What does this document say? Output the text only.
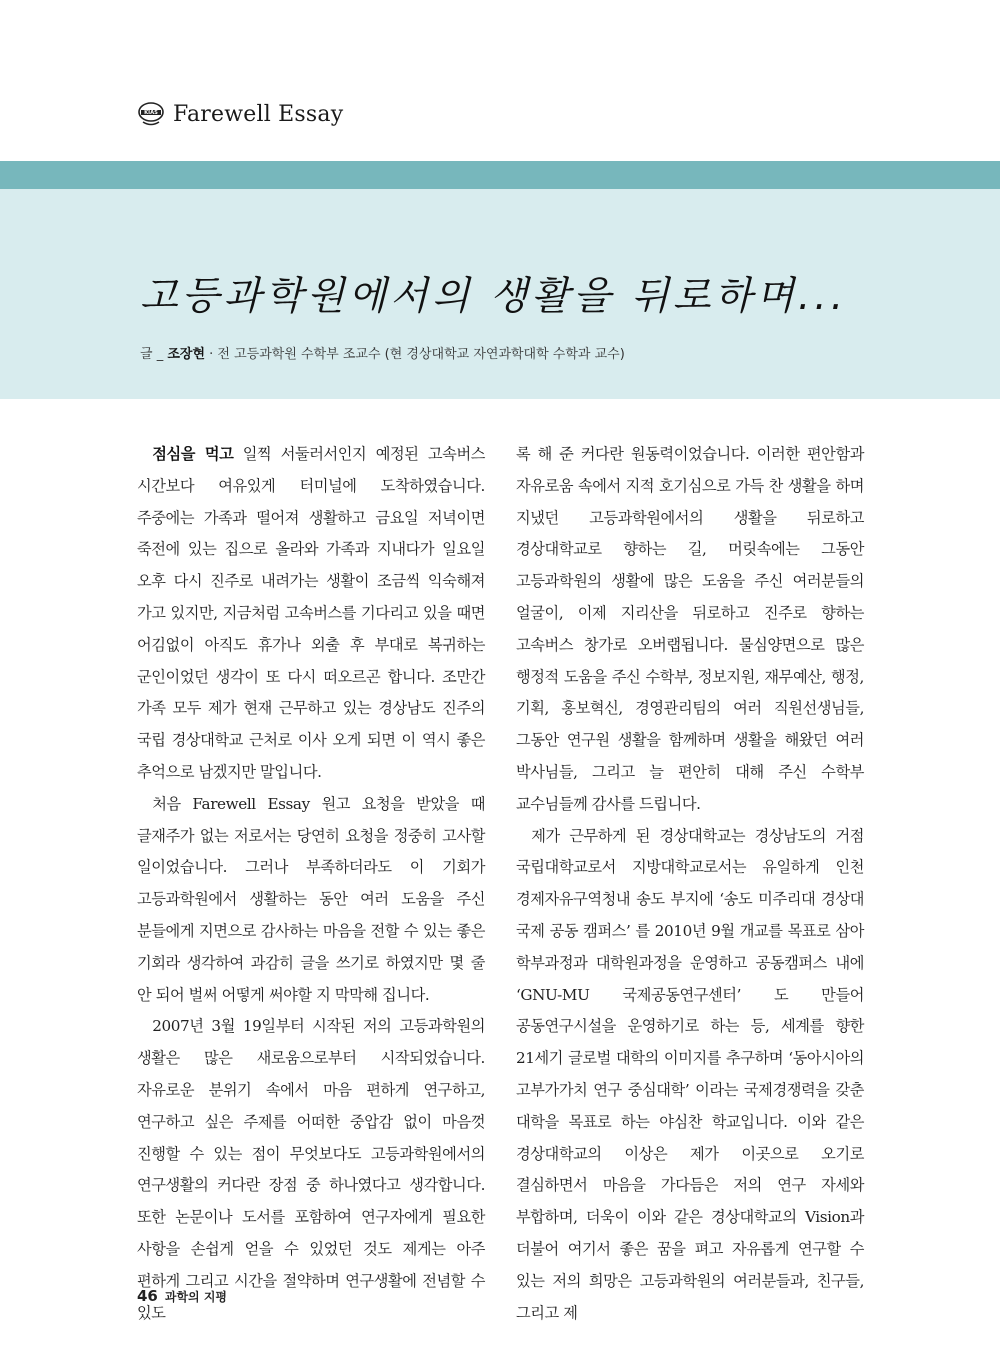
KIAS Farewell Essay
고등과학원에서의 생활을 뒤로하며...
글 _ 조장현 · 전 고등과학원 수학부 조교수 (현 경상대학교 자연과학대학 수학과 교수)

점심을 먹고 일찍 서둘러서인지 예정된 고속버스 시간보다 여유있게 터미널에 도착하였습니다. 주중에는 가족과 떨어져 생활하고 금요일 저녁이면 죽전에 있는 집으로 올라와 가족과 지내다가 일요일 오후 다시 진주로 내려가는 생활이 조금씩 익숙해져 가고 있지만, 지금처럼 고속버스를 기다리고 있을 때면 어김없이 아직도 휴가나 외출 후 부대로 복귀하는 군인이었던 생각이 또 다시 떠오르곤 합니다. 조만간 가족 모두 제가 현재 근무하고 있는 경상남도 진주의 국립 경상대학교 근처로 이사 오게 되면 이 역시 좋은 추억으로 남겠지만 말입니다.

처음 Farewell Essay 원고 요청을 받았을 때 글재주가 없는 저로서는 당연히 요청을 정중히 고사할 일이었습니다. 그러나 부족하더라도 이 기회가 고등과학원에서 생활하는 동안 여러 도움을 주신 분들에게 지면으로 감사하는 마음을 전할 수 있는 좋은 기회라 생각하여 과감히 글을 쓰기로 하였지만 몇 줄 안 되어 벌써 어떻게 써야할 지 막막해 집니다.

2007년 3월 19일부터 시작된 저의 고등과학원의 생활은 많은 새로움으로부터 시작되었습니다. 자유로운 분위기 속에서 마음 편하게 연구하고, 연구하고 싶은 주제를 어떠한 중압감 없이 마음껏 진행할 수 있는 점이 무엇보다도 고등과학원에서의 연구생활의 커다란 장점 중 하나였다고 생각합니다. 또한 논문이나 도서를 포함하여 연구자에게 필요한 사항을 손쉽게 얻을 수 있었던 것도 제게는 아주 편하게 그리고 시간을 절약하며 연구생활에 전념할 수 있도

록 해 준 커다란 원동력이었습니다. 이러한 편안함과 자유로움 속에서 지적 호기심으로 가득 찬 생활을 하며 지냈던 고등과학원에서의 생활을 뒤로하고 경상대학교로 향하는 길, 머릿속에는 그동안 고등과학원의 생활에 많은 도움을 주신 여러분들의 얼굴이, 이제 지리산을 뒤로하고 진주로 향하는 고속버스 창가로 오버랩됩니다. 물심양면으로 많은 행정적 도움을 주신 수학부, 정보지원, 재무예산, 행정, 기획, 홍보혁신, 경영관리팀의 여러 직원선생님들, 그동안 연구원 생활을 함께하며 생활을 해왔던 여러 박사님들, 그리고 늘 편안히 대해 주신 수학부 교수님들께 감사를 드립니다.

제가 근무하게 된 경상대학교는 경상남도의 거점 국립대학교로서 지방대학교로서는 유일하게 인천 경제자유구역청내 송도 부지에 ‘송도 미주리대 경상대 국제 공동 캠퍼스’ 를 2010년 9월 개교를 목표로 삼아 학부과정과 대학원과정을 운영하고 공동캠퍼스 내에 ‘GNU-MU 국제공동연구센터’ 도 만들어 공동연구시설을 운영하기로 하는 등, 세계를 향한 21세기 글로벌 대학의 이미지를 추구하며 ‘동아시아의 고부가가치 연구 중심대학’ 이라는 국제경쟁력을 갖춘 대학을 목표로 하는 야심찬 학교입니다. 이와 같은 경상대학교의 이상은 제가 이곳으로 오기로 결심하면서 마음을 가다듬은 저의 연구 자세와 부합하며, 더욱이 이와 같은 경상대학교의 Vision과 더불어 여기서 좋은 꿈을 펴고 자유롭게 연구할 수 있는 저의 희망은 고등과학원의 여러분들과, 친구들, 그리고 제

46 과학의 지평
